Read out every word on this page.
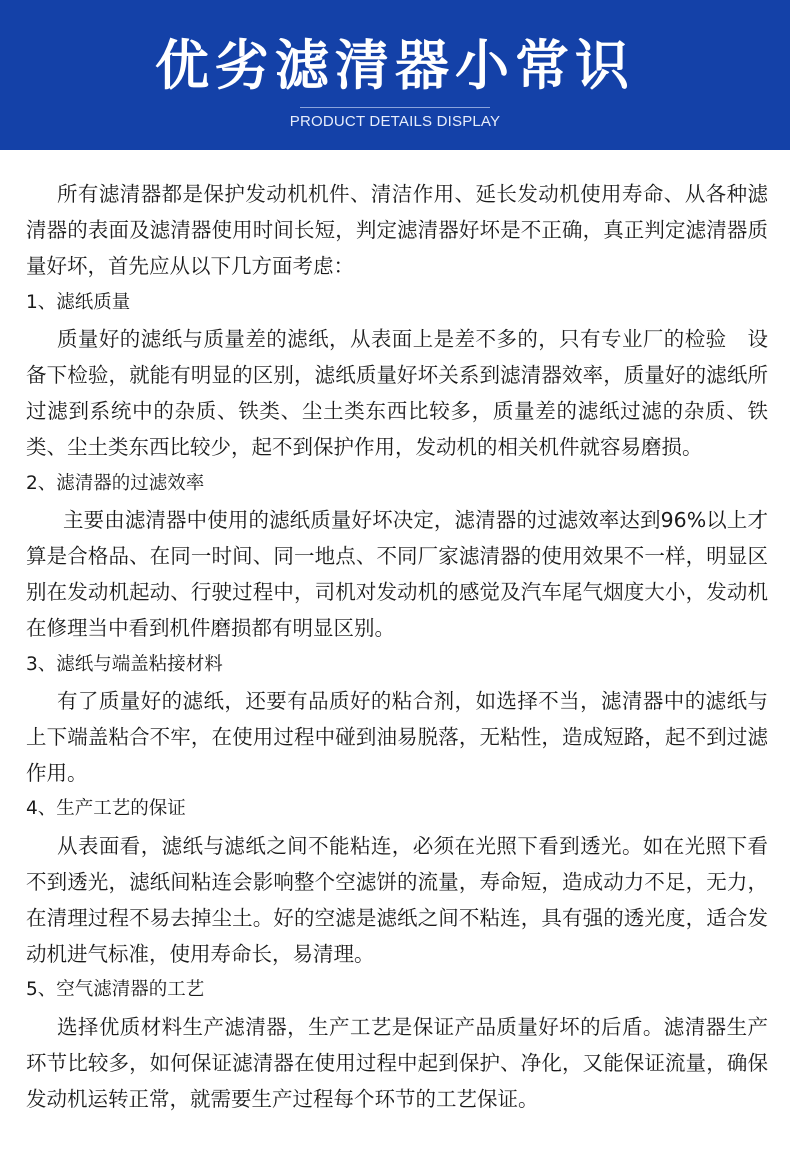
优劣滤清器小常识
PRODUCT DETAILS DISPLAY

所有滤清器都是保护发动机机件、清洁作用、延长发动机使用寿命、从各种滤清器的表面及滤清器使用时间长短，判定滤清器好坏是不正确，真正判定滤清器质量好坏，首先应从以下几方面考虑：

1、滤纸质量

质量好的滤纸与质量差的滤纸，从表面上是差不多的，只有专业厂的检验　设备下检验，就能有明显的区别，滤纸质量好坏关系到滤清器效率，质量好的滤纸所过滤到系统中的杂质、铁类、尘土类东西比较多，质量差的滤纸过滤的杂质、铁类、尘土类东西比较少，起不到保护作用，发动机的相关机件就容易磨损。

2、滤清器的过滤效率

主要由滤清器中使用的滤纸质量好坏决定，滤清器的过滤效率达到96%以上才算是合格品、在同一时间、同一地点、不同厂家滤清器的使用效果不一样，明显区别在发动机起动、行驶过程中，司机对发动机的感觉及汽车尾气烟度大小，发动机在修理当中看到机件磨损都有明显区别。

3、滤纸与端盖粘接材料

有了质量好的滤纸，还要有品质好的粘合剂，如选择不当，滤清器中的滤纸与上下端盖粘合不牢，在使用过程中碰到油易脱落，无粘性，造成短路，起不到过滤作用。

4、生产工艺的保证

从表面看，滤纸与滤纸之间不能粘连，必须在光照下看到透光。如在光照下看不到透光，滤纸间粘连会影响整个空滤饼的流量，寿命短，造成动力不足，无力，在清理过程不易去掉尘土。好的空滤是滤纸之间不粘连，具有强的透光度，适合发动机进气标准，使用寿命长，易清理。

5、空气滤清器的工艺

选择优质材料生产滤清器，生产工艺是保证产品质量好坏的后盾。滤清器生产环节比较多，如何保证滤清器在使用过程中起到保护、净化，又能保证流量，确保发动机运转正常，就需要生产过程每个环节的工艺保证。
